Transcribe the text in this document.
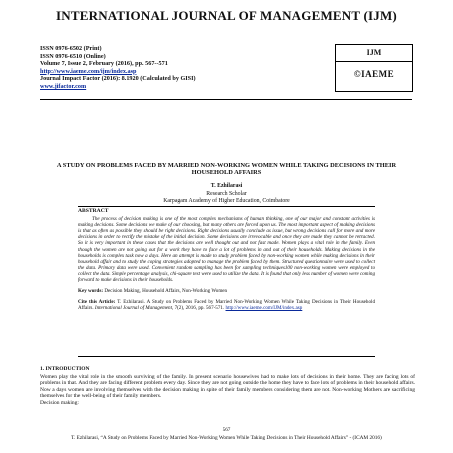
INTERNATIONAL JOURNAL OF MANAGEMENT (IJM)
ISSN 0976-6502 (Print)
ISSN 0976-6510 (Online)
Volume 7, Issue 2, February (2016), pp. 567--571
http://www.iaeme.com/ijm/index.asp
Journal Impact Factor (2016): 8.1920 (Calculated by GISI)
www.jifactor.com
IJM
©IAEME
A STUDY ON PROBLEMS FACED BY MARRIED NON-WORKING WOMEN WHILE TAKING DECISIONS IN THEIR HOUSEHOLD AFFAIRS
T. Ezhilarasi
Research Scholar
Karpagam Academy of Higher Education, Coimbatore
ABSTRACT

The process of decision making is one of the most complex mechanisms of human thinking, one of our major and constant activities is making decisions. Some decisions we make of our choosing, but many others are forced upon us. The most important aspect of making decisions is that as often as possible they should be right decisions. Right decisions usually conclude as issue, but wrong decisions call for more and more decisions in order to rectify the mistake of the initial decision. Some decisions are irrevocable and once they are made they cannot be retracted. So it is very important in these cases that the decisions are well thought out and not fast made. Women plays a vital role in the family. Even though the women are not going out for a work they have to face a lot of problems in and out of their households. Making decisions in the households is complex task now a days. Here an attempt is made to study problem faced by non-working women while making decisions in their household affair and to study the coping strategies adopted to manage the problem faced by them. Structured questionnaire were used to collect the data. Primary data were used. Convenient random sampling has been for sampling techniques100 non-working women were employed to collect the data. Simple percentage analysis, chi-square test were used to utilize the data. It is found that only less number of women were coming forward to make decisions in their households.

Key words: Decision Making, Household Affairs, Non-Working Women
Cite this Article: T. Ezhilarasi. A Study on Problems Faced by Married Non-Working Women While Taking Decisions in Their Household Affairs. International Journal of Management, 7(2), 2016, pp. 567-571. http://www.iaeme.com/IJM/index.asp
1. INTRODUCTION
Women play the vital role in the smooth surviving of the family. In present scenario housewives had to make lots of decisions in their home. They are facing lots of problems in that. And they are facing different problem every day. Since they are not going outside the home they have to face lots of problems in their household affairs. Now a days women are involving themselves with the decision making in spite of their family members considering them are not. Non-working Mothers are sacrificing themselves for the well-being of their family members.
Decision making:
567
T. Ezhilarasi, “A Study on Problems Faced by Married Non-Working Women While Taking Decisions in Their Household Affairs” - (ICAM 2016)
